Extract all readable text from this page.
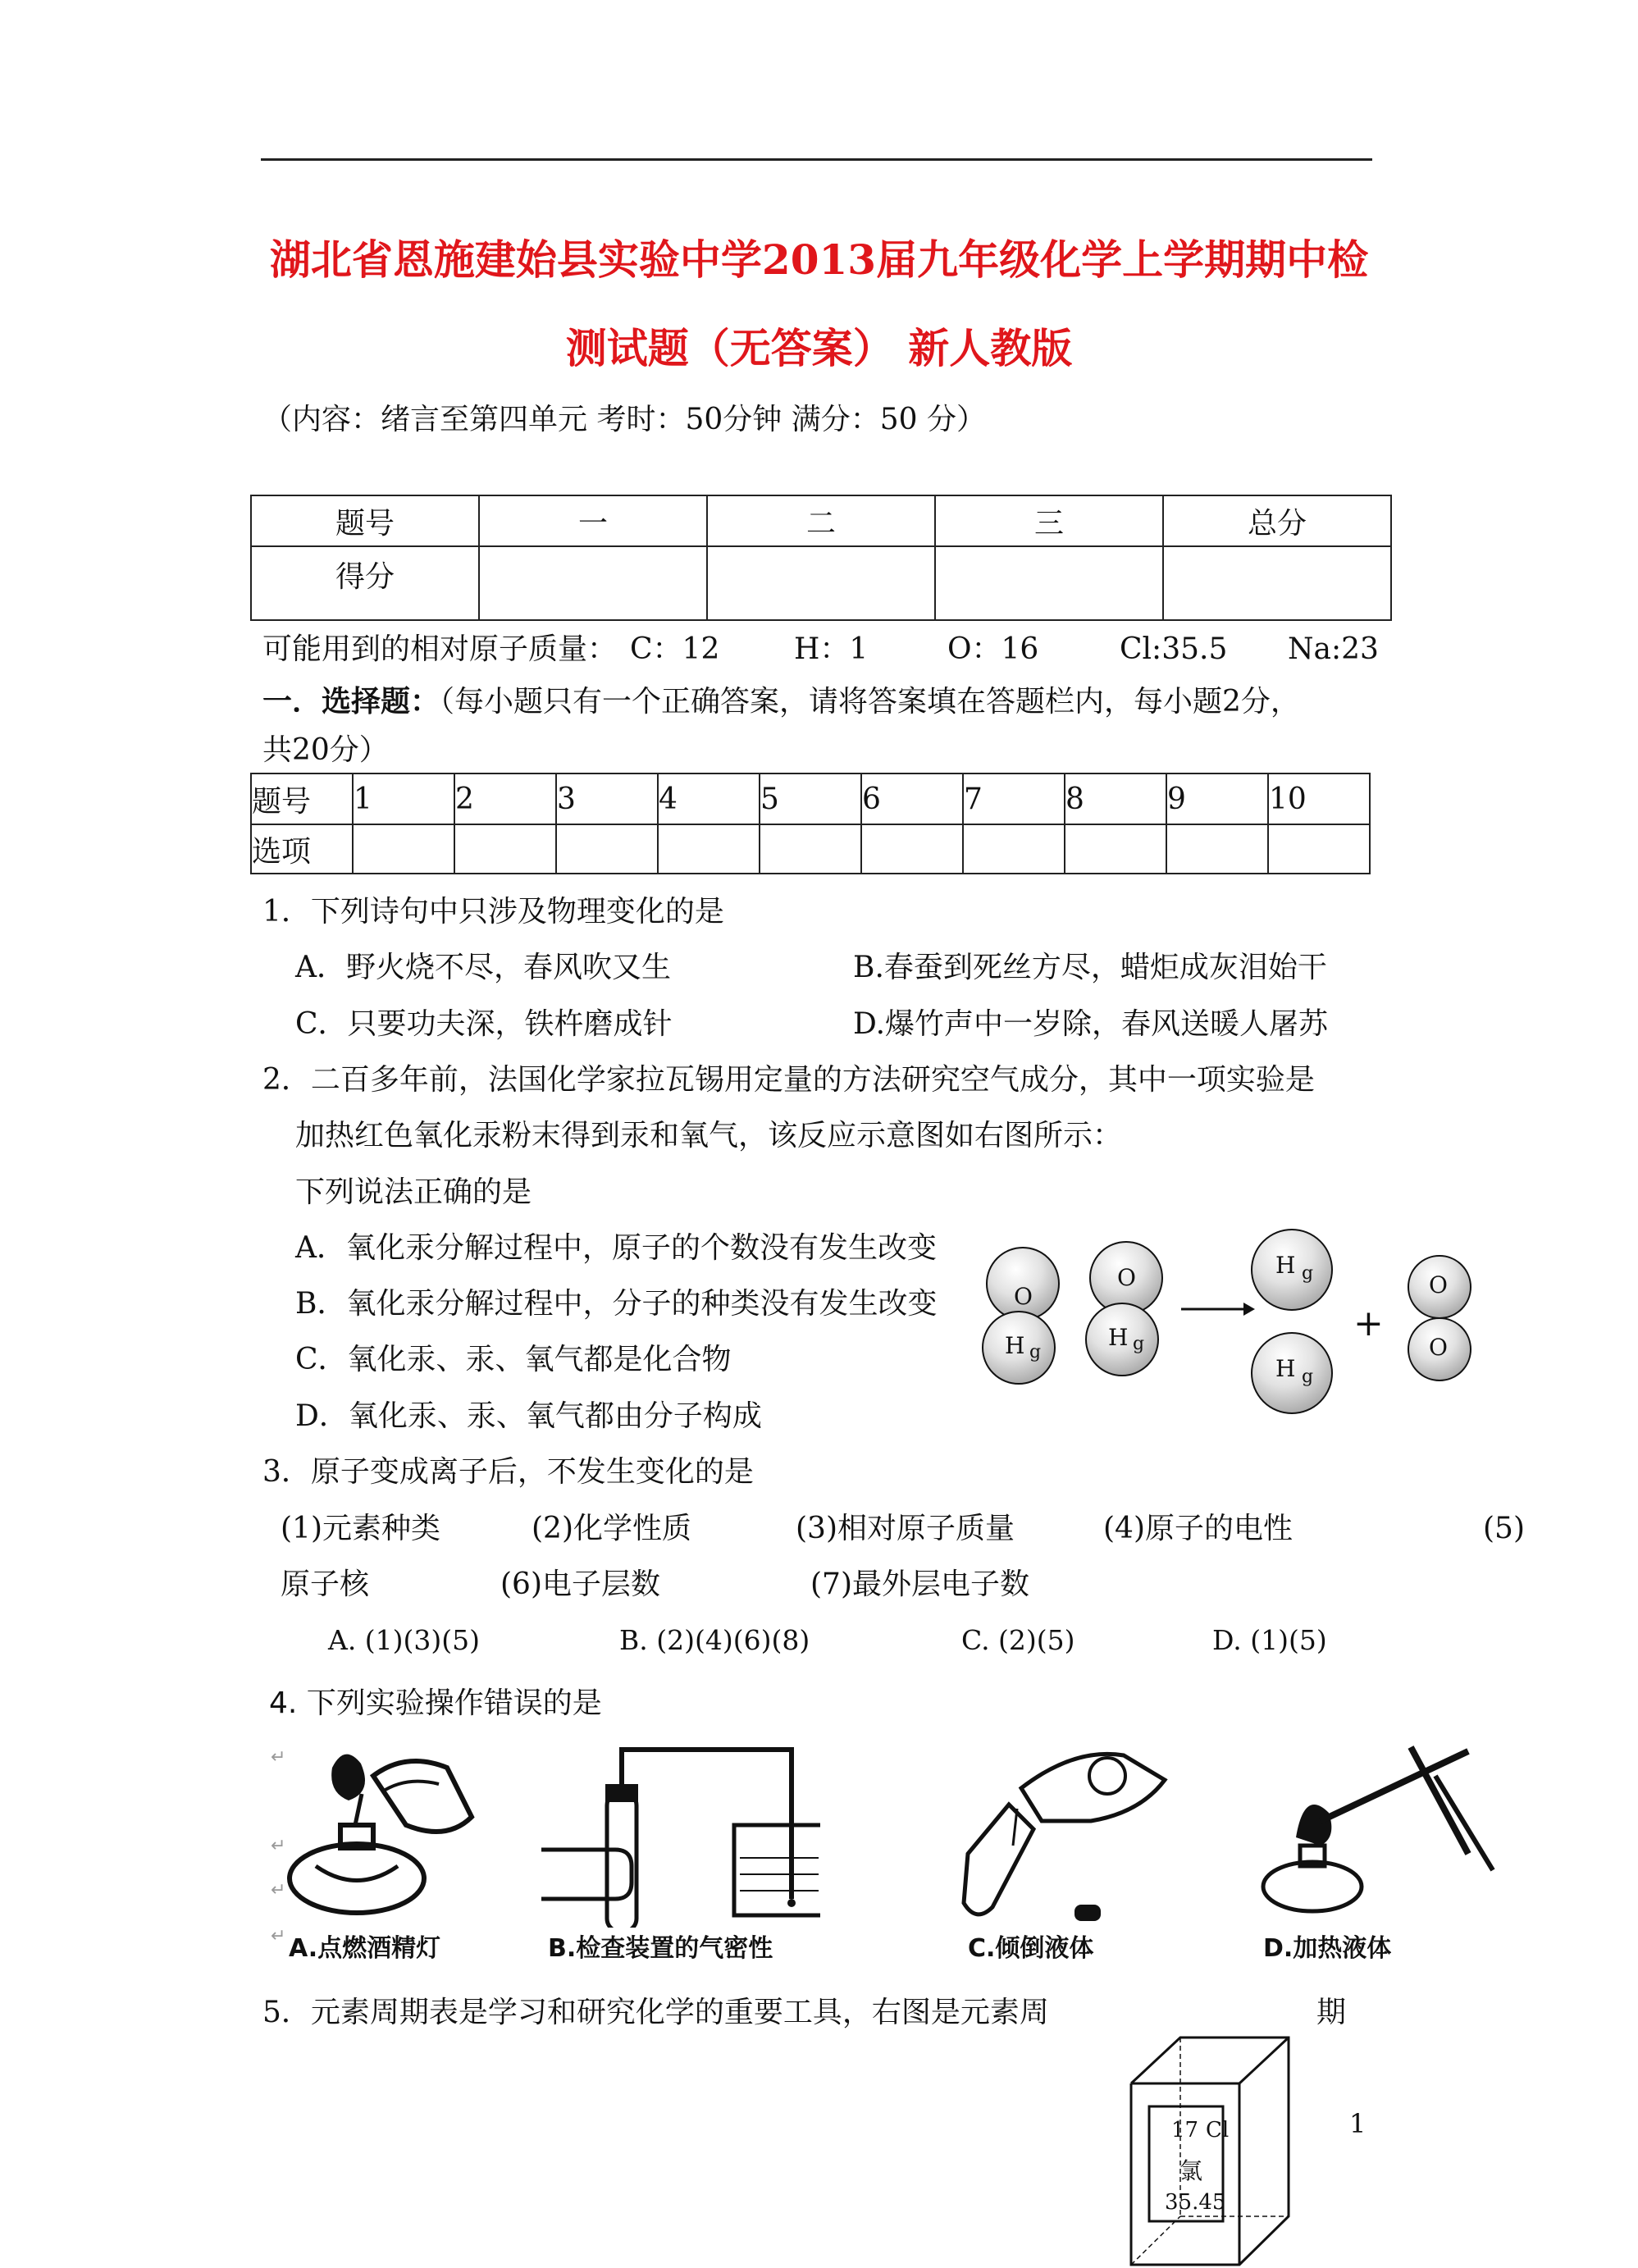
湖北省恩施建始县实验中学2013届九年级化学上学期期中检
测试题（无答案） 新人教版
（内容：绪言至第四单元 考时：50分钟 满分：50 分）
题号	一	二	三	总分
得分				
可能用到的相对原子质量： C：12	H：1	O：16	Cl:35.5 Na:23
一．选择题：（每小题只有一个正确答案，请将答案填在答题栏内，每小题2分，
共20分）
题号	1	2	3	4	5	6	7	8	9	10
选项										
1．下列诗句中只涉及物理变化的是
A．野火烧不尽，春风吹又生	B.春蚕到死丝方尽，蜡炬成灰泪始干
C．只要功夫深，铁杵磨成针	D.爆竹声中一岁除，春风送暖人屠苏
2．二百多年前，法国化学家拉瓦锡用定量的方法研究空气成分，其中一项实验是
加热红色氧化汞粉末得到汞和氧气，该反应示意图如右图所示：
下列说法正确的是
A．氧化汞分解过程中，原子的个数没有发生改变
B．氧化汞分解过程中，分子的种类没有发生改变
C．氧化汞、汞、氧气都是化合物
D．氧化汞、汞、氧气都由分子构成
O
H g
O
H g
H g
H g
+
O
O
3．原子变成离子后，不发生变化的是
(1)元素种类	(2)化学性质	(3)相对原子质量	(4)原子的电性	(5)
原子核	(6)电子层数	(7)最外层电子数
A. (1)(3)(5)	B. (2)(4)(6)(8)	C. (2)(5)	D. (1)(5)
4. 下列实验操作错误的是
↵
↵
↵
↵ A.点燃酒精灯	B.检查装置的气密性	C.倾倒液体	D.加热液体
5．元素周期表是学习和研究化学的重要工具，右图是元素周	期
17 Cl
氯
35.45
1
